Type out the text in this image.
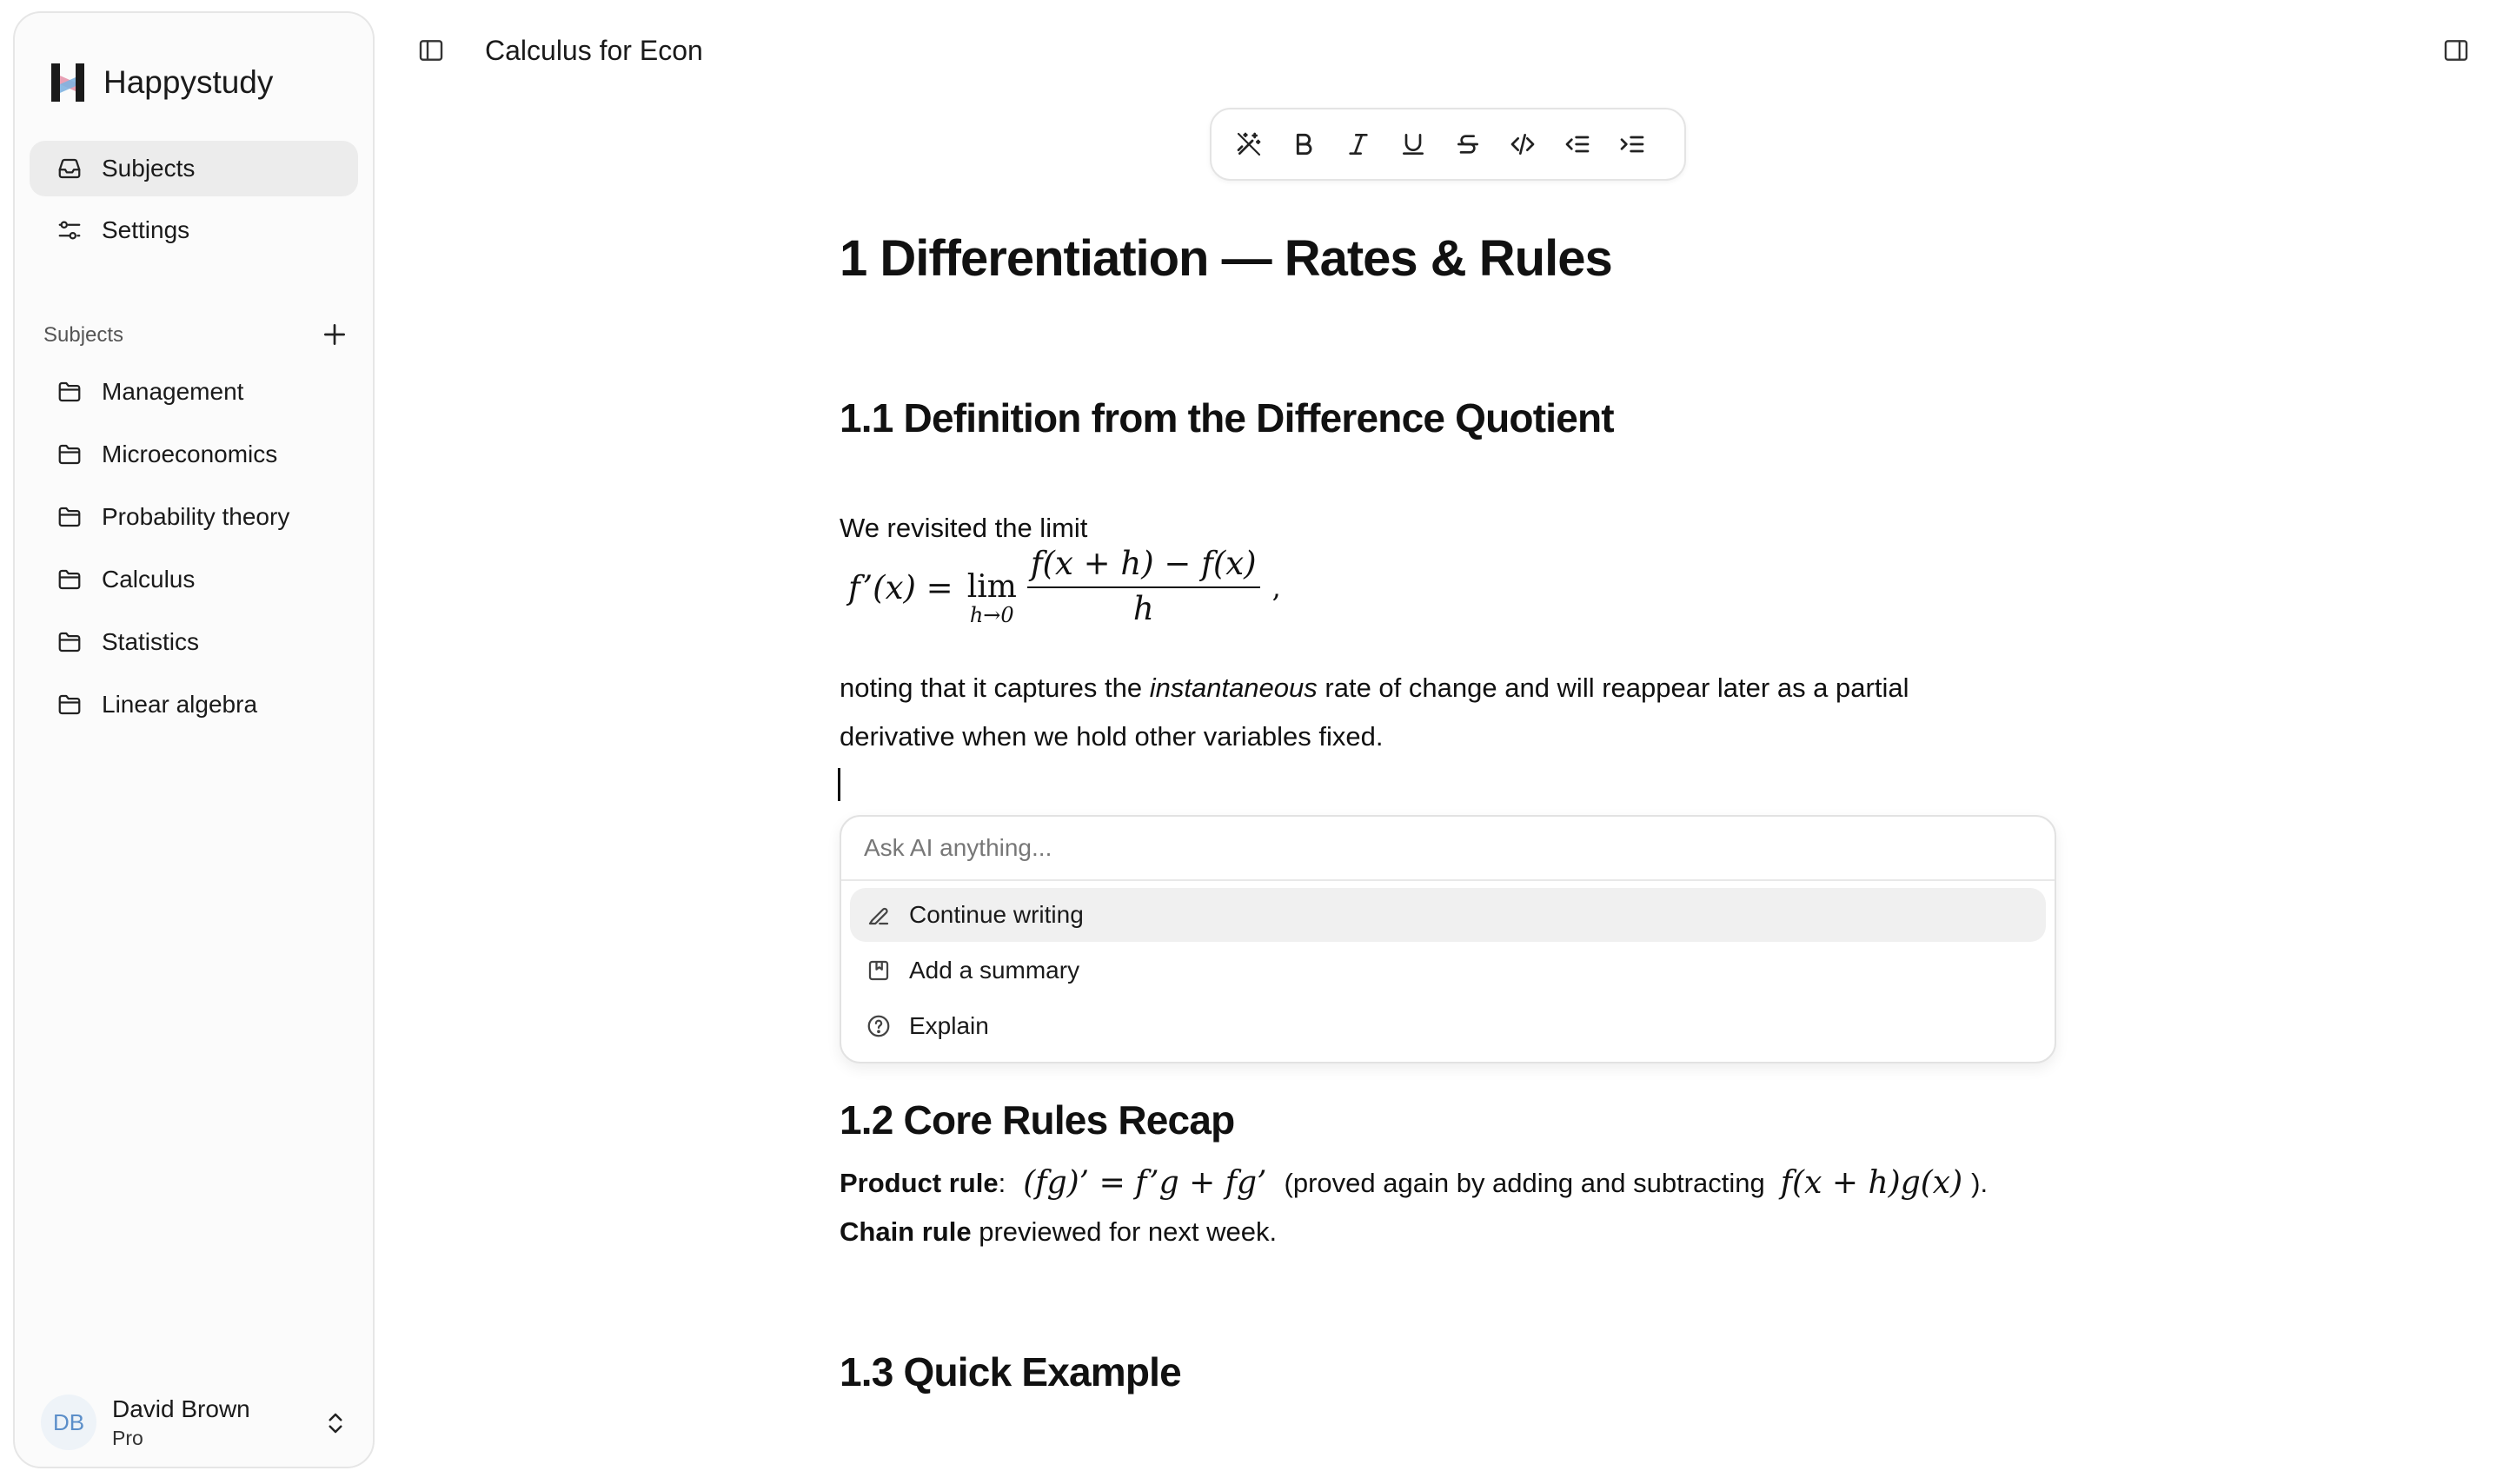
Happystudy
Subjects
Settings
Subjects
Management
Microeconomics
Probability theory
Calculus
Statistics
Linear algebra
DB	David Brown
Pro
Calculus for Econ
1 Differentiation — Rates & Rules
1.1 Definition from the Difference Quotient
We revisited the limit
f’(x) = lim
$h\to 0 \frac{f(x + h) - f(x)}{h}$ ,
noting that it captures the instantaneous rate of change and will reappear later as a partial
derivative when we hold other variables fixed.
1.2 Core Rules Recap
Product rule : (fg)’ = f’g + fg’ (proved again by adding and subtracting f(x + h)g(x) ).
Chain rule previewed for next week.
1.3 Quick Example
Ask AI anything...
Continue writing
Add a summary
Explain
